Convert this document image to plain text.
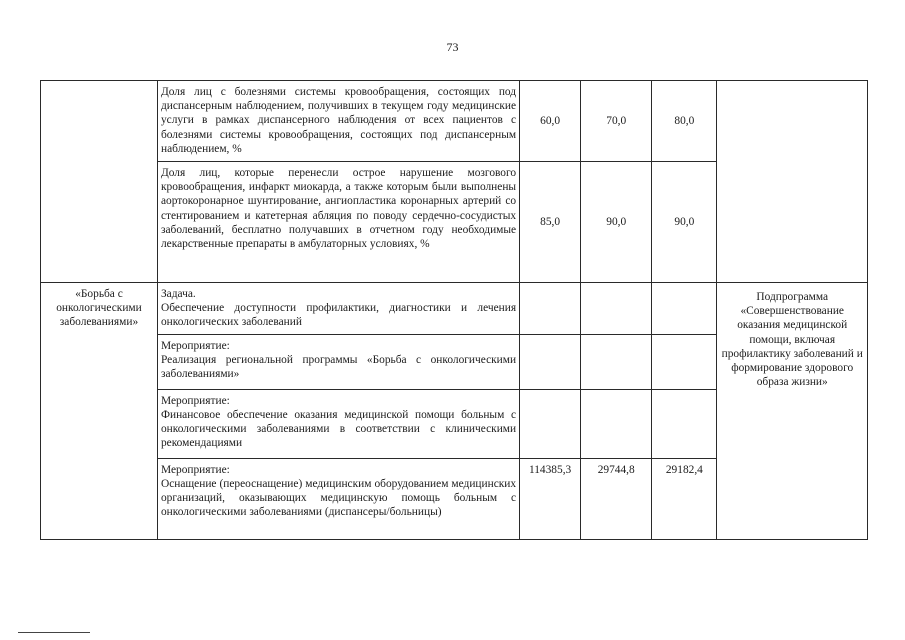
73
	Доля лиц с болезнями системы кровообращения, состоящих под диспансерным наблюдением, получивших в текущем году медицинские услуги в рамках диспансерного наблюдения от всех пациентов с болезнями системы кровообращения, состоящих под диспансерным наблюдением, %	60,0	70,0	80,0	
	Доля лиц, которые перенесли острое нарушение мозгового кровообращения, инфаркт миокарда, а также которым были выполнены аортокоронарное шунтирование, ангиопластика коронарных артерий со стентированием и катетерная абляция по поводу сердечно-сосудистых заболеваний, бесплатно получавших в отчетном году необходимые лекарственные препараты в амбулаторных условиях, %	85,0	90,0	90,0	
«Борьба с онкологическими заболеваниями»	Задача.
Обеспечение доступности профилактики, диагностики и лечения онкологических заболеваний				Подпрограмма «Совершенствование оказания медицинской помощи, включая профилактику заболеваний и формирование здорового образа жизни»

	Мероприятие:
Реализация региональной программы «Борьба с онкологическими заболеваниями»				

	Мероприятие:
Финансовое обеспечение оказания медицинской помощи больным с онкологическими заболеваниями в соответствии с клиническими рекомендациями				

	Мероприятие:
Оснащение (переоснащение) медицинским оборудованием медицинских организаций, оказывающих медицинскую помощь больным с онкологическими заболеваниями (диспансеры/больницы)	114385,3	29744,8	29182,4	
